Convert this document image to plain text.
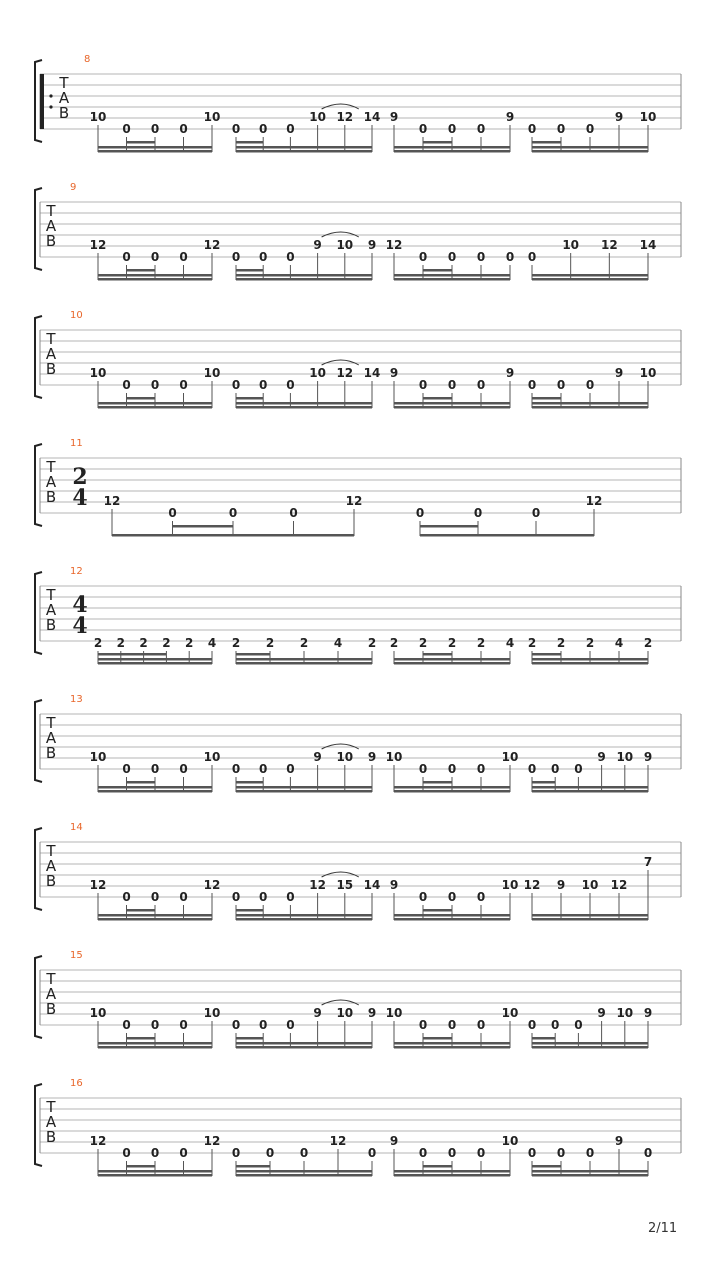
8
T
A
B 10
0 0 0
10
0 0 0
10 12 14 9
0 0 0
9
0 0 0
9 10
9
T
A
B	12
0 0 0
12
0 0 0
9 10 9 12
0 0 0 0 0
10 12 14
10
T
A
B	10
0 0 0
10
0 0 0
10 12 14 9
0 0 0
9
0 0 0
9 10
11
T
A
B
2
4 12
0	0	0
12
0	0	0
12
12
T
A
B
4
4
2 2 2 2 2 4 2 2 2 4 2 2 2 2 2 4 2 2 2 4 2
13
T
A
B	10
0 0 0
10
0 0 0
9 10 9 10
0 0 0
10
0 0 0
9 10 9
14
T
A
B	12
0 0 0
12
0 0 0
12 15 14 9
0 0 0
10 12 9 10 12
7
15
T
A
B	10
0 0 0
10
0 0 0
9 10 9 10
0 0 0
10
0 0 0
9 10 9
16
T
A
B	12
0 0 0
12
0 0 0
12
0
9
0 0 0
10
0 0 0
9
0
2/11
